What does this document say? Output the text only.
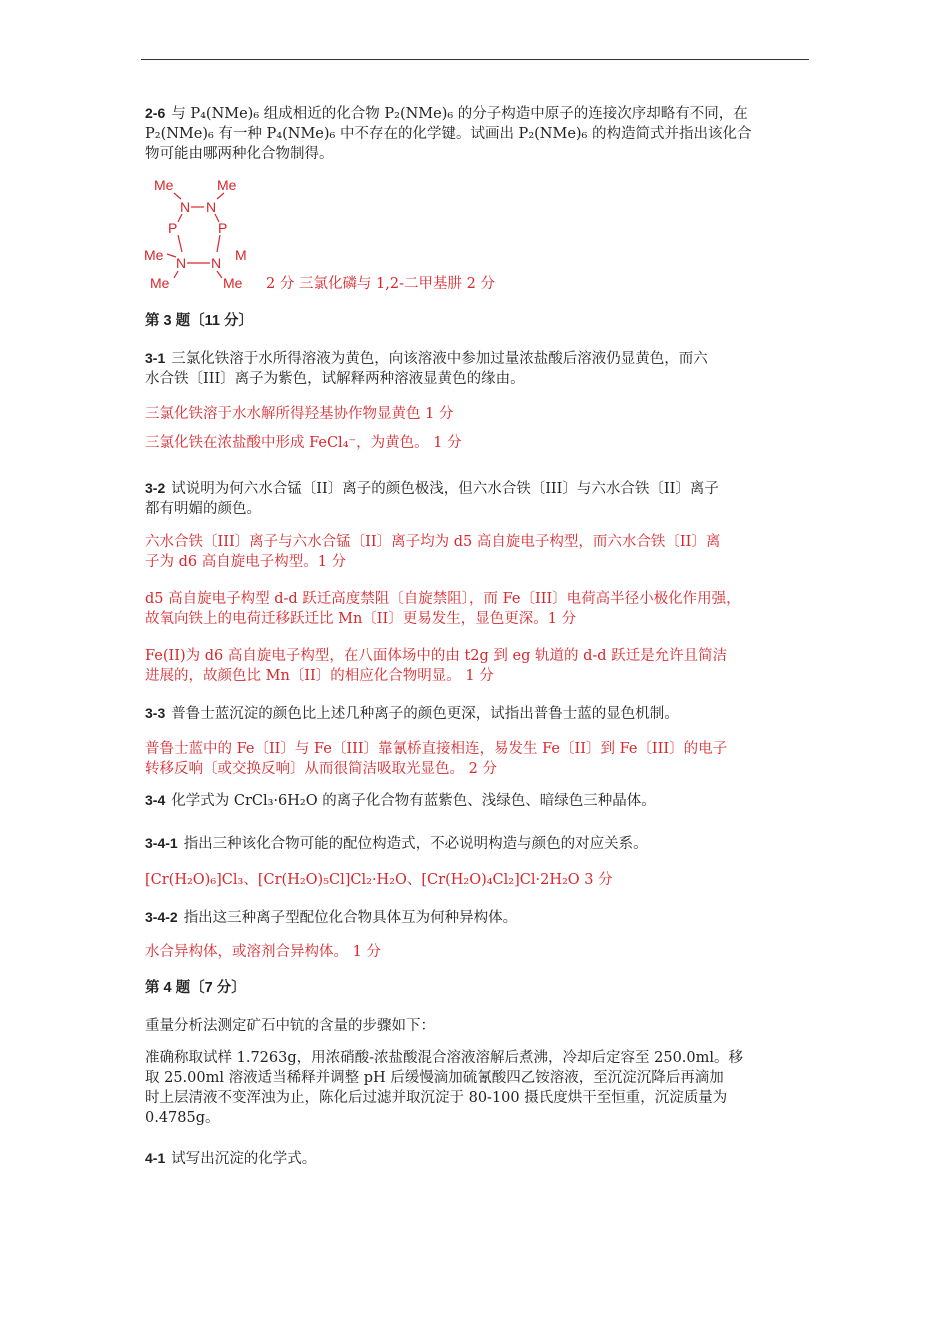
2-6 与 P₄(NMe)₆ 组成相近的化合物 P₂(NMe)₆ 的分子构造中原子的连接次序却略有不同，在
P₂(NMe)₆ 有一种 P₄(NMe)₆ 中不存在的化学键。试画出 P₂(NMe)₆ 的构造简式并指出该化合
物可能由哪两种化合物制得。
Me	Me
N N
P	P
Me	M
N N
Me	Me 2 分 三氯化磷与 1,2-二甲基肼 2 分
第 3 题〔11 分〕
3-1 三氯化铁溶于水所得溶液为黄色，向该溶液中参加过量浓盐酸后溶液仍显黄色，而六
水合铁〔III〕离子为紫色，试解释两种溶液显黄色的缘由。
三氯化铁溶于水水解所得羟基协作物显黄色 1 分
三氯化铁在浓盐酸中形成 FeCl₄⁻，为黄色。 1 分
3-2 试说明为何六水合锰〔II〕离子的颜色极浅，但六水合铁〔III〕与六水合铁〔II〕离子
都有明媚的颜色。
六水合铁〔III〕离子与六水合锰〔II〕离子均为 d5 高自旋电子构型，而六水合铁〔II〕离
子为 d6 高自旋电子构型。1 分
d5 高自旋电子构型 d-d 跃迁高度禁阻〔自旋禁阻〕，而 Fe〔III〕电荷高半径小极化作用强，
故氧向铁上的电荷迁移跃迁比 Mn〔II〕更易发生，显色更深。1 分
Fe(II)为 d6 高自旋电子构型，在八面体场中的由 t2g 到 eg 轨道的 d-d 跃迁是允许且简洁
进展的，故颜色比 Mn〔II〕的相应化合物明显。 1 分
3-3 普鲁士蓝沉淀的颜色比上述几种离子的颜色更深，试指出普鲁士蓝的显色机制。
普鲁士蓝中的 Fe〔II〕与 Fe〔III〕靠氰桥直接相连，易发生 Fe〔II〕到 Fe〔III〕的电子
转移反响〔或交换反响〕从而很简洁吸取光显色。 2 分
3-4 化学式为 CrCl₃·6H₂O 的离子化合物有蓝紫色、浅绿色、暗绿色三种晶体。
3-4-1 指出三种该化合物可能的配位构造式，不必说明构造与颜色的对应关系。
[Cr(H₂O)₆]Cl₃、[Cr(H₂O)₅Cl]Cl₂·H₂O、[Cr(H₂O)₄Cl₂]Cl·2H₂O 3 分
3-4-2 指出这三种离子型配位化合物具体互为何种异构体。
水合异构体，或溶剂合异构体。 1 分
第 4 题〔7 分〕
重量分析法测定矿石中钪的含量的步骤如下：
准确称取试样 1.7263g，用浓硝酸-浓盐酸混合溶液溶解后煮沸，冷却后定容至 250.0ml。移
取 25.00ml 溶液适当稀释并调整 pH 后缓慢滴加硫氰酸四乙铵溶液，至沉淀沉降后再滴加
时上层清液不变浑浊为止，陈化后过滤并取沉淀于 80-100 摄氏度烘干至恒重，沉淀质量为
0.4785g。
4-1 试写出沉淀的化学式。
